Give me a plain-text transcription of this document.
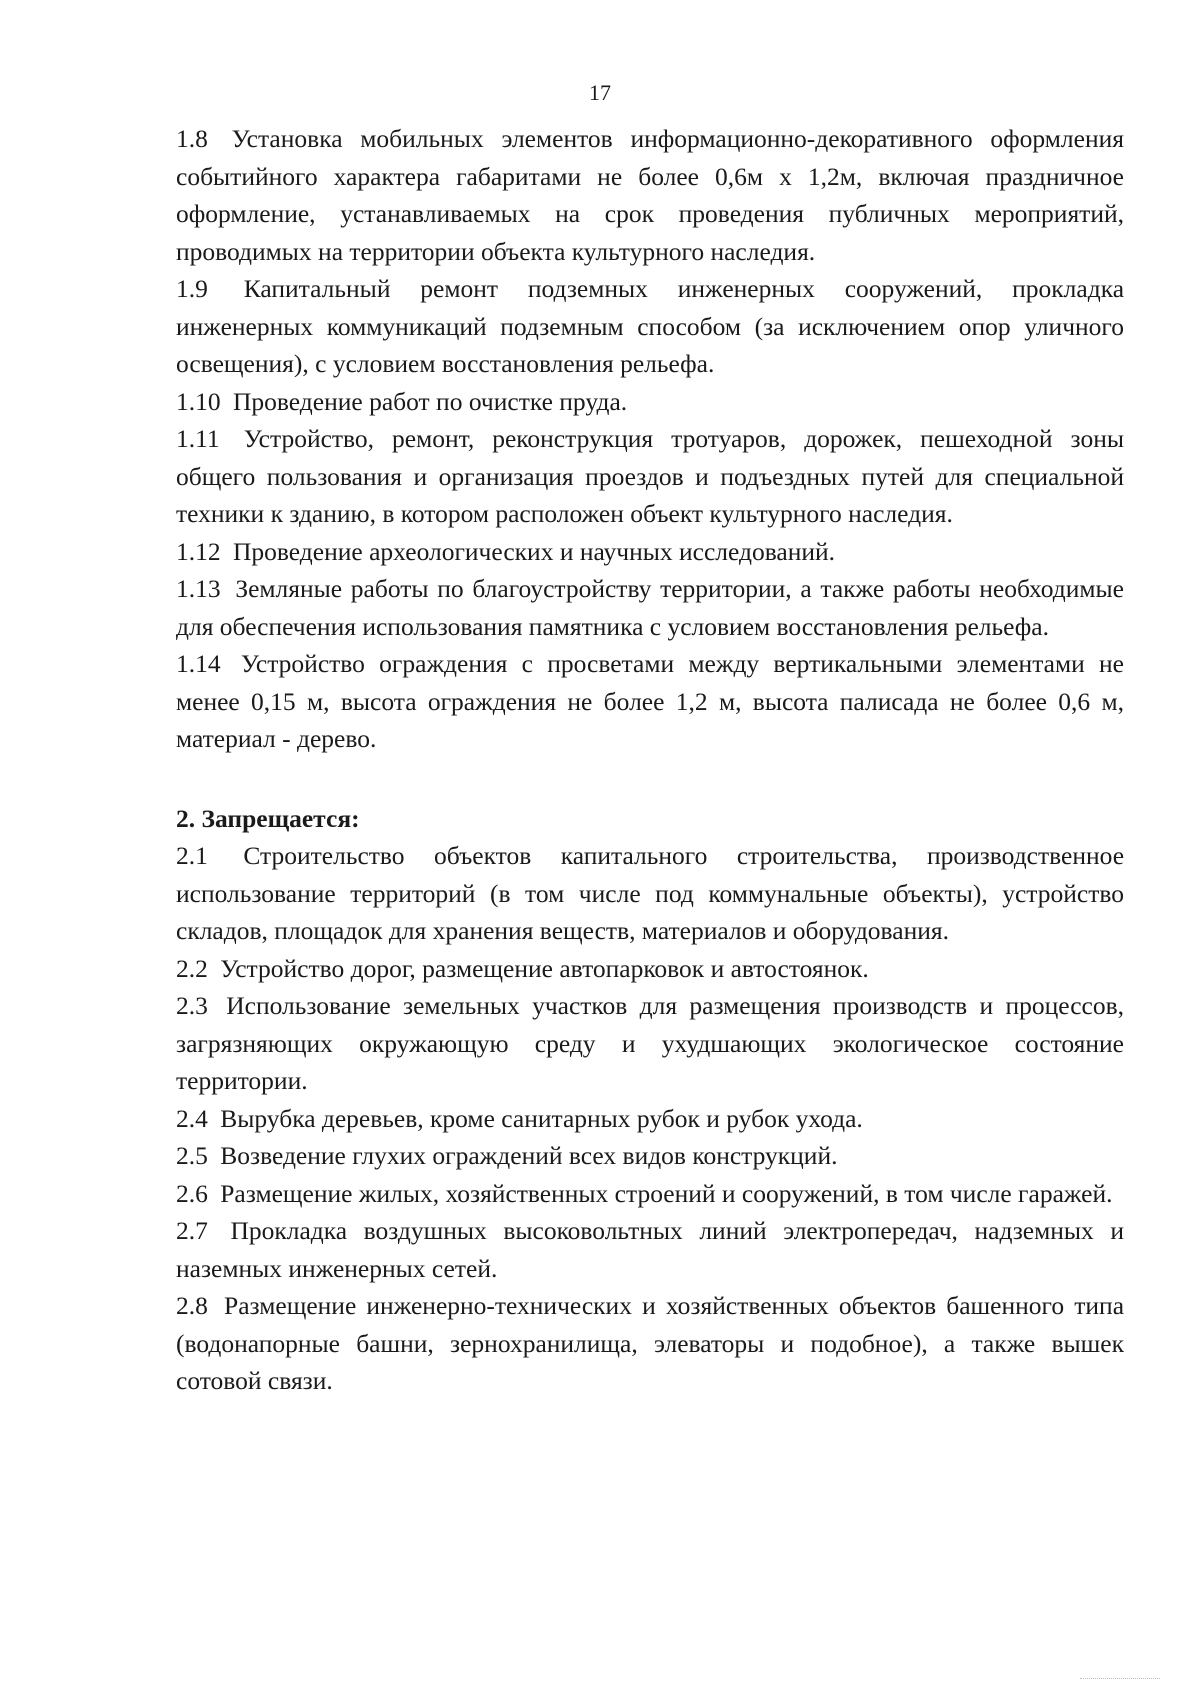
17

1.8 Установка мобильных элементов информационно-декоративного оформления событийного характера габаритами не более 0,6м х 1,2м, включая праздничное оформление, устанавливаемых на срок проведения публичных мероприятий, проводимых на территории объекта культурного наследия.

1.9 Капитальный ремонт подземных инженерных сооружений, прокладка инженерных коммуникаций подземным способом (за исключением опор уличного освещения), с условием восстановления рельефа.

1.10 Проведение работ по очистке пруда.

1.11 Устройство, ремонт, реконструкция тротуаров, дорожек, пешеходной зоны общего пользования и организация проездов и подъездных путей для специальной техники к зданию, в котором расположен объект культурного наследия.

1.12 Проведение археологических и научных исследований.

1.13 Земляные работы по благоустройству территории, а также работы необходимые для обеспечения использования памятника с условием восстановления рельефа.

1.14 Устройство ограждения с просветами между вертикальными элементами не менее 0,15 м, высота ограждения не более 1,2 м, высота палисада не более 0,6 м, материал - дерево.

2. Запрещается:

2.1 Строительство объектов капитального строительства, производственное использование территорий (в том числе под коммунальные объекты), устройство складов, площадок для хранения веществ, материалов и оборудования.

2.2 Устройство дорог, размещение автопарковок и автостоянок.

2.3 Использование земельных участков для размещения производств и процессов, загрязняющих окружающую среду и ухудшающих экологическое состояние территории.

2.4 Вырубка деревьев, кроме санитарных рубок и рубок ухода.

2.5 Возведение глухих ограждений всех видов конструкций.

2.6 Размещение жилых, хозяйственных строений и сооружений, в том числе гаражей.

2.7 Прокладка воздушных высоковольтных линий электропередач, надземных и наземных инженерных сетей.

2.8 Размещение инженерно-технических и хозяйственных объектов башенного типа (водонапорные башни, зернохранилища, элеваторы и подобное), а также вышек сотовой связи.
